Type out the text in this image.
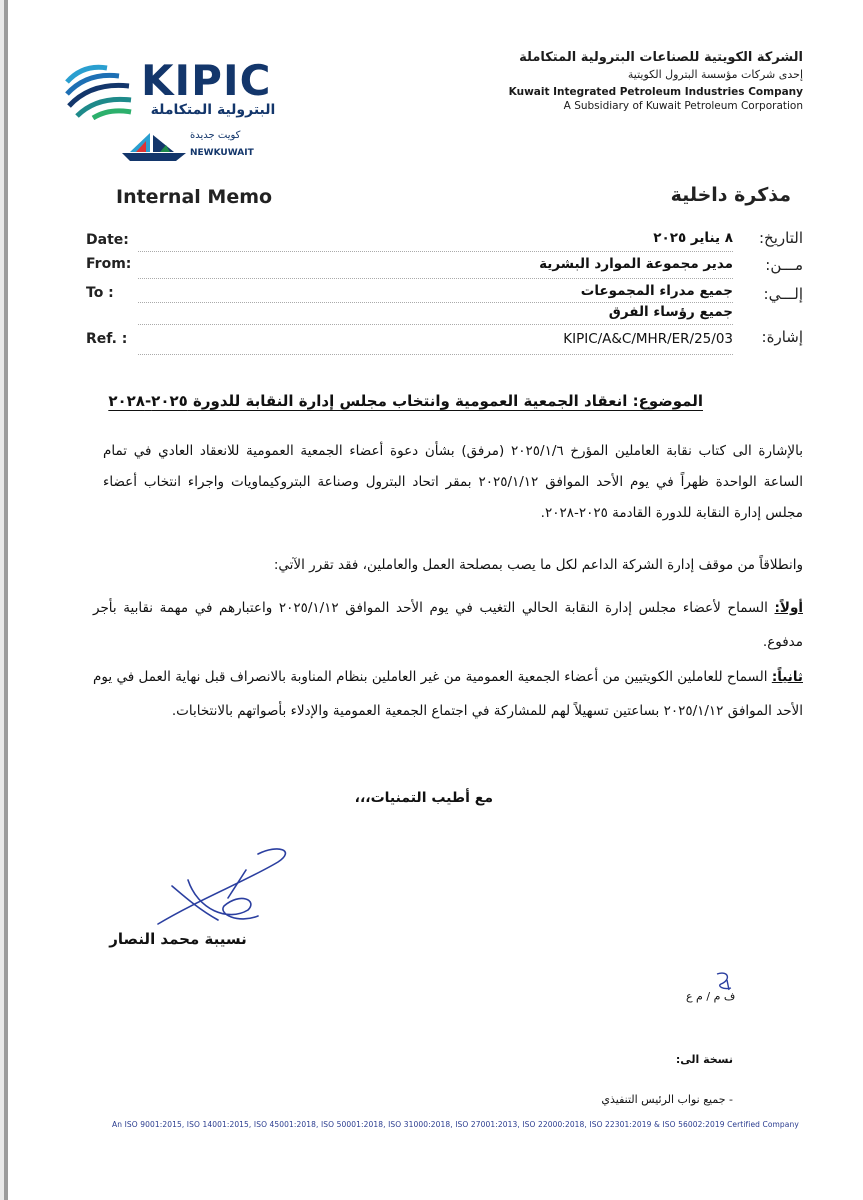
KIPIC
البترولية المتكاملة
كويت جديدة
NEWKUWAIT
الشركة الكويتية للصناعات البترولية المتكاملة
إحدى شركات مؤسسة البترول الكويتية
Kuwait Integrated Petroleum Industries Company
A Subsidiary of Kuwait Petroleum Corporation
Internal Memo	مذكرة داخلية
Date:	٨ يناير ٢٠٢٥ التاريخ:
From:	مدير مجموعة الموارد البشرية مـــن:
To :	جميع مدراء المجموعات إلـــي:
جميع رؤساء الفرق
Ref. :	KIPIC/A&C/MHR/ER/25/03 إشارة:
الموضوع: انعقاد الجمعية العمومية وانتخاب مجلس إدارة النقابة للدورة ٢٠٢٥-٢٠٢٨
بالإشارة الى كتاب نقابة العاملين المؤرخ ٢٠٢٥/١/٦ (مرفق) بشأن دعوة أعضاء الجمعية العمومية للانعقاد العادي في تمام الساعة الواحدة ظهراً في يوم الأحد الموافق ٢٠٢٥/١/١٢ بمقر اتحاد البترول وصناعة البتروكيماويات واجراء انتخاب أعضاء مجلس إدارة النقابة للدورة القادمة ٢٠٢٥-٢٠٢٨.
وانطلاقاً من موقف إدارة الشركة الداعم لكل ما يصب بمصلحة العمل والعاملين، فقد تقرر الآتي:
أولاً: السماح لأعضاء مجلس إدارة النقابة الحالي التغيب في يوم الأحد الموافق ٢٠٢٥/١/١٢ واعتبارهم في مهمة نقابية بأجر مدفوع.
ثانياً: السماح للعاملين الكويتيين من أعضاء الجمعية العمومية من غير العاملين بنظام المناوبة بالانصراف قبل نهاية العمل في يوم الأحد الموافق ٢٠٢٥/١/١٢ بساعتين تسهيلاً لهم للمشاركة في اجتماع الجمعية العمومية والإدلاء بأصواتهم بالانتخابات.
مع أطيب التمنيات،،،
نسيبة محمد النصار
ف م / م ع
نسخة الى:
- جميع نواب الرئيس التنفيذي
An ISO 9001:2015, ISO 14001:2015, ISO 45001:2018, ISO 50001:2018, ISO 31000:2018, ISO 27001:2013, ISO 22000:2018, ISO 22301:2019 & ISO 56002:2019 Certified Company
